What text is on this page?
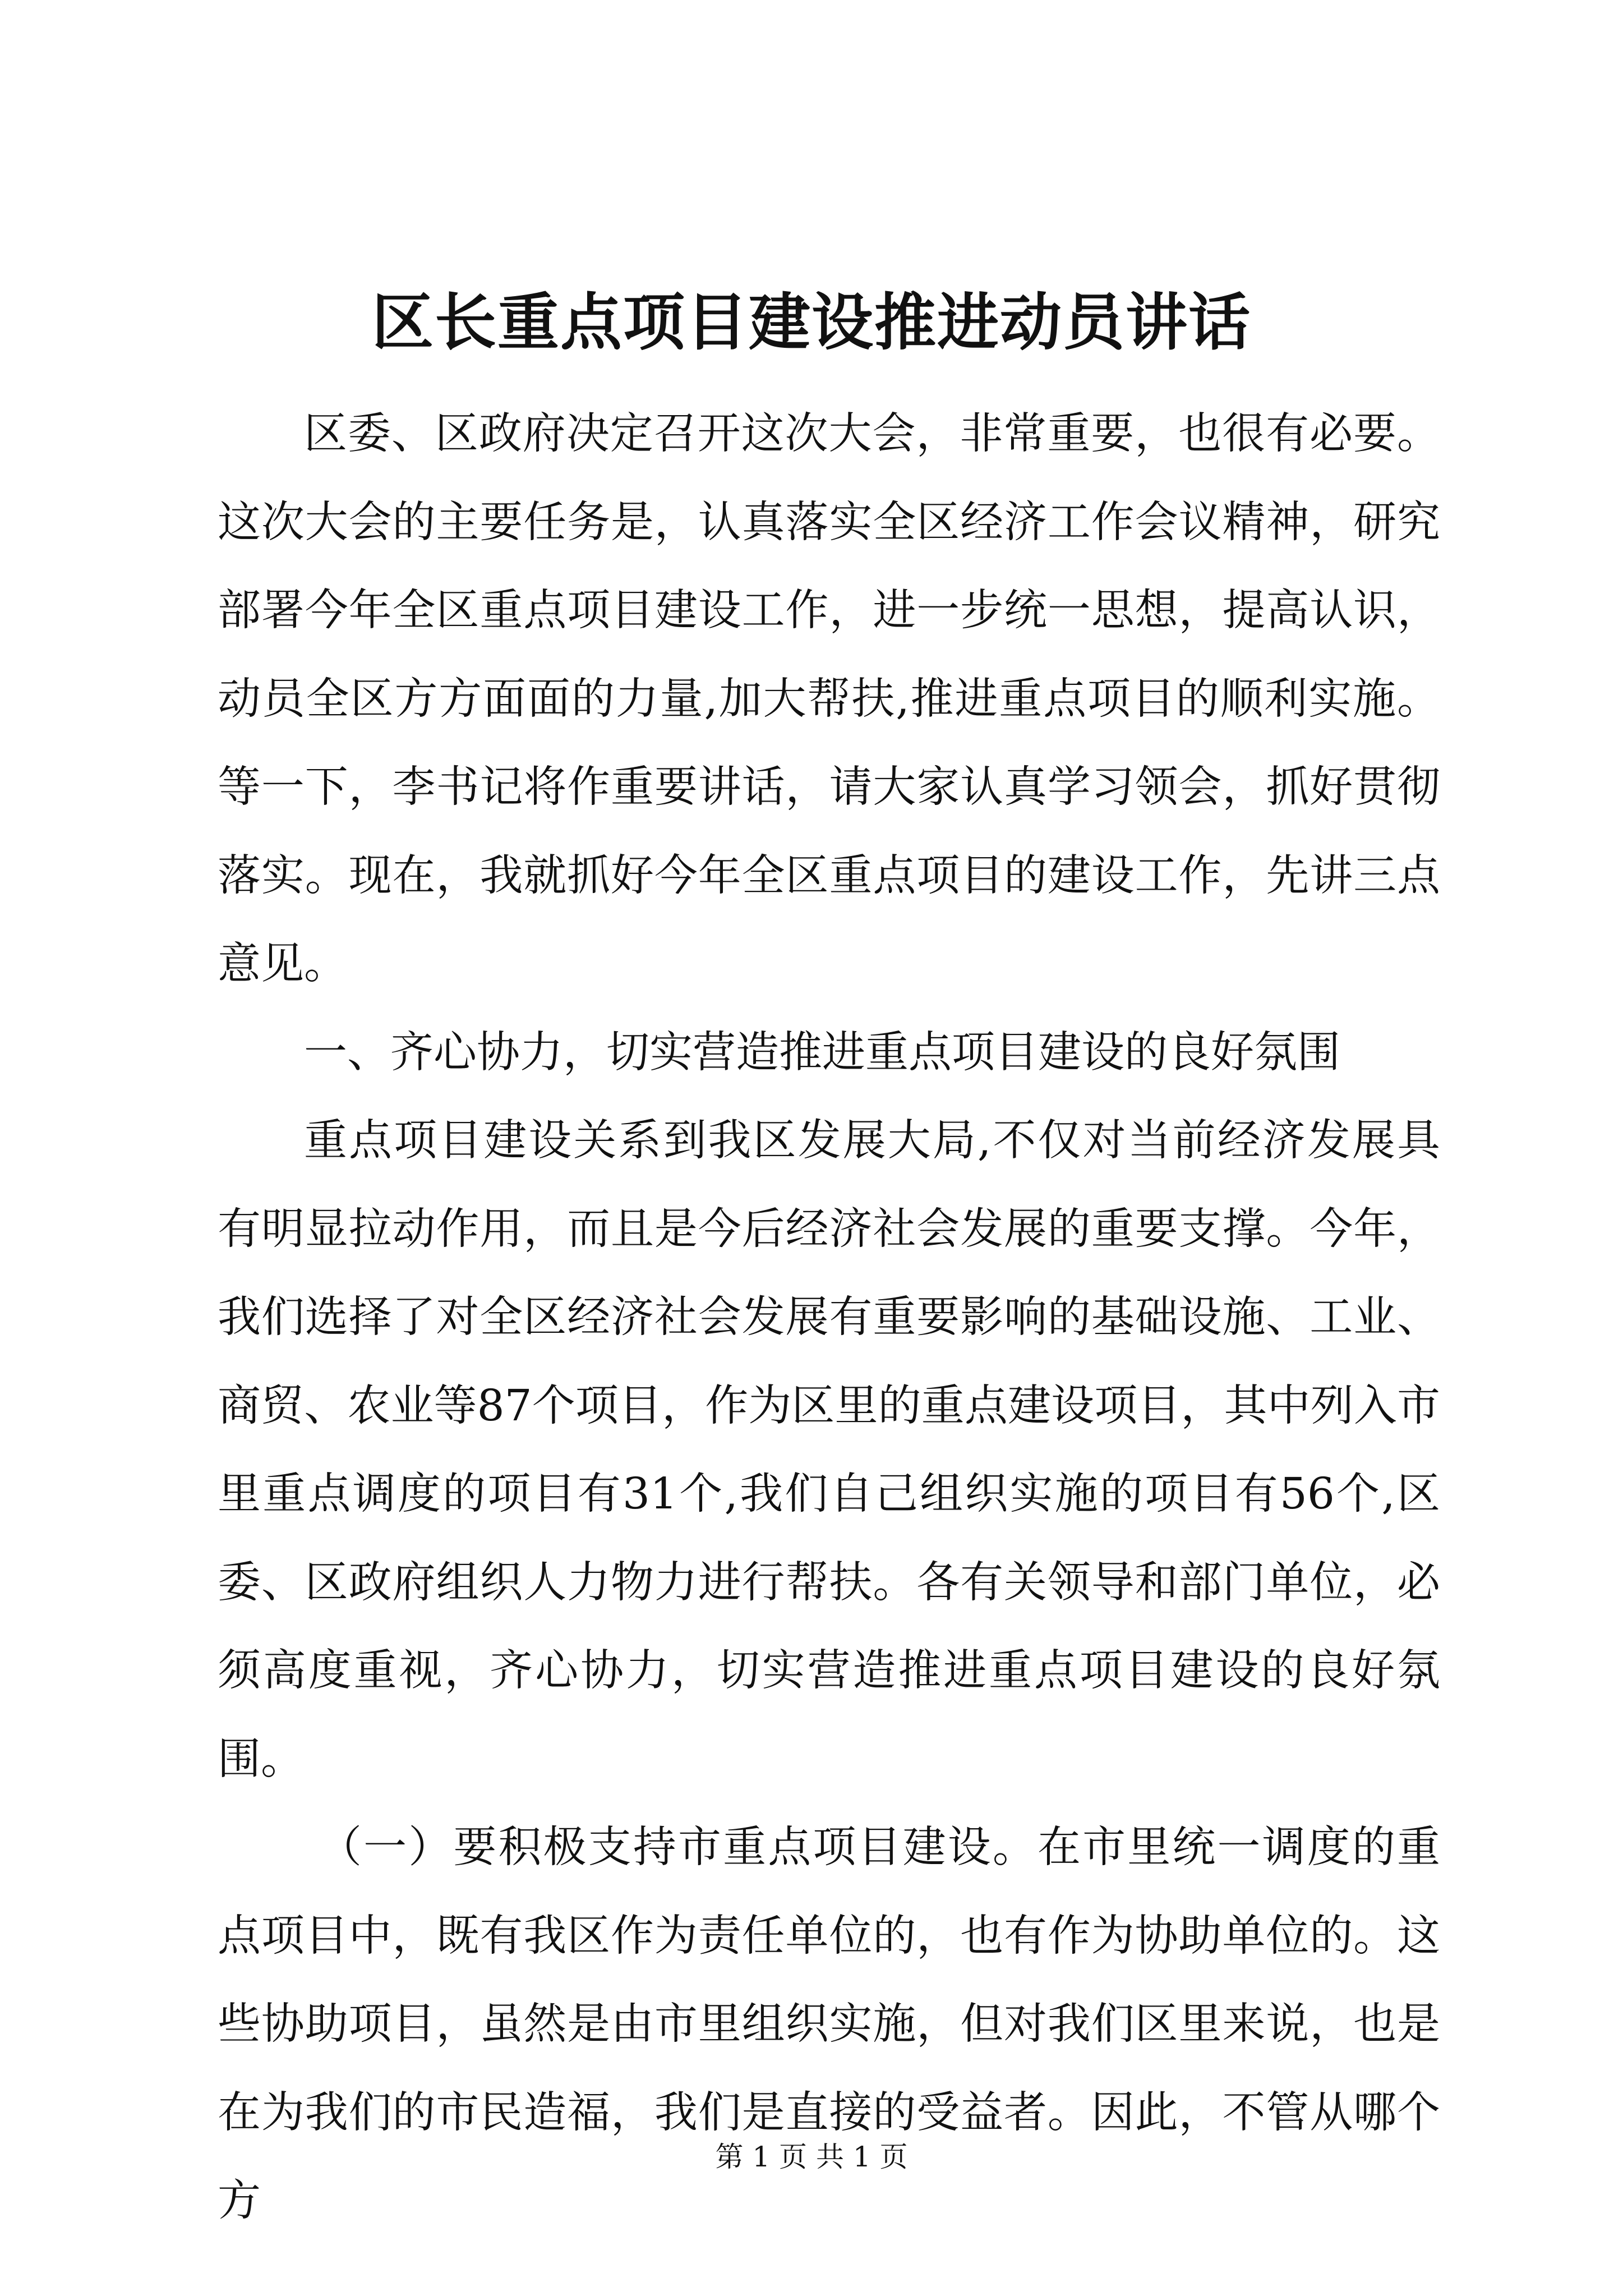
区长重点项目建设推进动员讲话

区委、区政府决定召开这次大会，非常重要，也很有必要。这次大会的主要任务是，认真落实全区经济工作会议精神，研究部署今年全区重点项目建设工作，进一步统一思想，提高认识，动员全区方方面面的力量,加大帮扶,推进重点项目的顺利实施。等一下，李书记将作重要讲话，请大家认真学习领会，抓好贯彻落实。现在，我就抓好今年全区重点项目的建设工作，先讲三点意见。

一、齐心协力，切实营造推进重点项目建设的良好氛围

重点项目建设关系到我区发展大局,不仅对当前经济发展具有明显拉动作用，而且是今后经济社会发展的重要支撑。今年，我们选择了对全区经济社会发展有重要影响的基础设施、工业、商贸、农业等87个项目，作为区里的重点建设项目，其中列入市里重点调度的项目有31个,我们自己组织实施的项目有56个,区委、区政府组织人力物力进行帮扶。各有关领导和部门单位，必须高度重视，齐心协力，切实营造推进重点项目建设的良好氛围。

（一）要积极支持市重点项目建设。在市里统一调度的重点项目中，既有我区作为责任单位的，也有作为协助单位的。这些协助项目，虽然是由市里组织实施，但对我们区里来说，也是在为我们的市民造福，我们是直接的受益者。因此，不管从哪个方

第 1 页 共 1 页
